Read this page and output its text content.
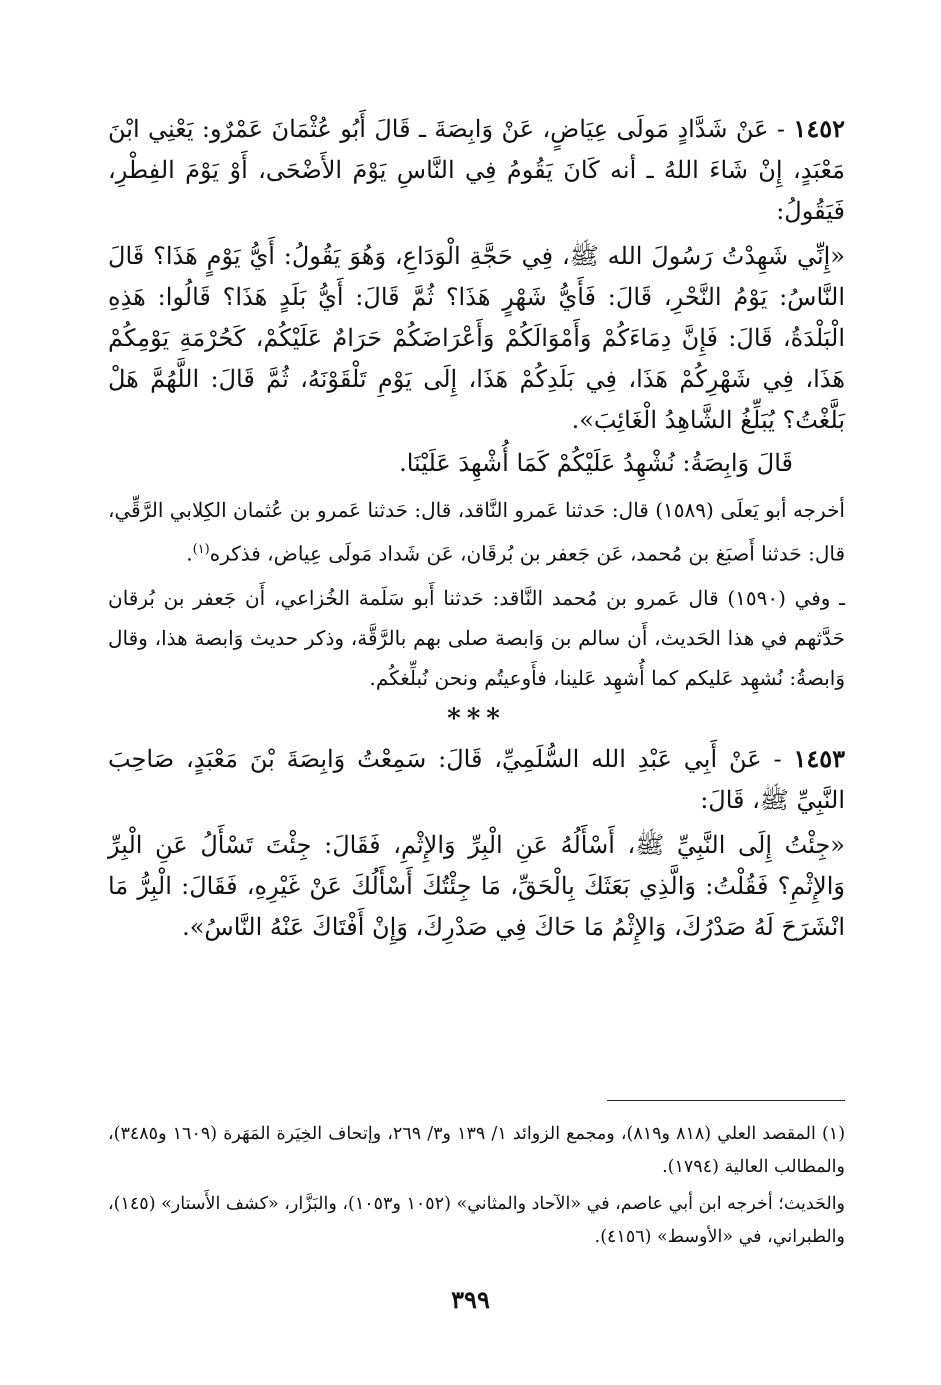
١٤٥٢ - عَنْ شَدَّادٍ مَولَى عِيَاضٍ، عَنْ وَابِصَةَ ـ قَالَ أَبُو عُثْمَانَ عَمْرٌو: يَعْنِي ابْنَ مَعْبَدٍ، إِنْ شَاءَ اللهُ ـ أنه كَانَ يَقُومُ فِي النَّاسِ يَوْمَ الأَضْحَى، أَوْ يَوْمَ الفِطْرِ، فَيَقُولُ:

«إِنِّي شَهِدْتُ رَسُولَ الله ﷺ، فِي حَجَّةِ الْوَدَاعِ، وَهُوَ يَقُولُ: أَيُّ يَوْمٍ هَذَا؟ قَالَ النَّاسُ: يَوْمُ النَّحْرِ، قَالَ: فَأَيُّ شَهْرٍ هَذَا؟ ثُمَّ قَالَ: أَيُّ بَلَدٍ هَذَا؟ قَالُوا: هَذِهِ الْبَلْدَةُ، قَالَ: فَإِنَّ دِمَاءَكُمْ وَأَمْوَالَكُمْ وَأَعْرَاضَكُمْ حَرَامٌ عَلَيْكُمْ، كَحُرْمَةِ يَوْمِكُمْ هَذَا، فِي شَهْرِكُمْ هَذَا، فِي بَلَدِكُمْ هَذَا، إِلَى يَوْمِ تَلْقَوْنَهُ، ثُمَّ قَالَ: اللَّهُمَّ هَلْ بَلَّغْتُ؟ يُبَلِّغُ الشَّاهِدُ الْغَائِبَ».

قَالَ وَابِصَةُ: نُشْهِدُ عَلَيْكُمْ كَمَا أُشْهِدَ عَلَيْنَا.

أخرجه أبو يَعلَى (١٥٨٩) قال: حَدثنا عَمرو النَّاقد، قال: حَدثنا عَمرو بن عُثمان الكِلابي الرَّقِّي، قال: حَدثنا أَصبَغ بن مُحمد، عَن جَعفر بن بُرقَان، عَن شَداد مَولَى عِياض، فذكره$^{(١)}$.

ـ وفي (١٥٩٠) قال عَمرو بن مُحمد النَّاقد: حَدثنا أَبو سَلَمة الخُزاعي، أَن جَعفر بن بُرقان حَدَّثهم في هذا الحَديث، أَن سالم بن وَابصة صلى بهم بالرَّقَّة، وذكر حديث وَابصة هذا، وقال وَابصةُ: نُشهِد عَليكم كما أُشهِد عَلينا، فأَوعيتُم ونحن نُبلِّغكُم.

***

١٤٥٣ - عَنْ أَبِي عَبْدِ الله السُّلَمِيِّ، قَالَ: سَمِعْتُ وَابِصَةَ بْنَ مَعْبَدٍ، صَاحِبَ النَّبِيِّ ﷺ، قَالَ:

«جِئْتُ إِلَى النَّبِيِّ ﷺ، أَسْأَلُهُ عَنِ الْبِرِّ وَالإِثْمِ، فَقَالَ: جِئْتَ تَسْأَلُ عَنِ الْبِرِّ وَالإِثْمِ؟ فَقُلْتُ: وَالَّذِي بَعَثَكَ بِالْحَقِّ، مَا جِئْتُكَ أَسْأَلُكَ عَنْ غَيْرِهِ، فَقَالَ: الْبِرُّ مَا انْشَرَحَ لَهُ صَدْرُكَ، وَالإِثْمُ مَا حَاكَ فِي صَدْرِكَ، وَإِنْ أَفْتَاكَ عَنْهُ النَّاسُ».

(١) المقصد العلي (٨١٨ و٨١٩)، ومجمع الزوائد ١/ ١٣٩ و٣/ ٢٦٩، وإتحاف الخِيَرة المَهَرة (١٦٠٩ و٣٤٨٥)، والمطالب العالية (١٧٩٤).

والحَديث؛ أخرجه ابن أبي عاصم، في «الآحاد والمثاني» (١٠٥٢ و١٠٥٣)، والبَزَّار، «كشف الأَستار» (١٤٥)، والطبراني، في «الأوسط» (٤١٥٦).

٣٩٩
